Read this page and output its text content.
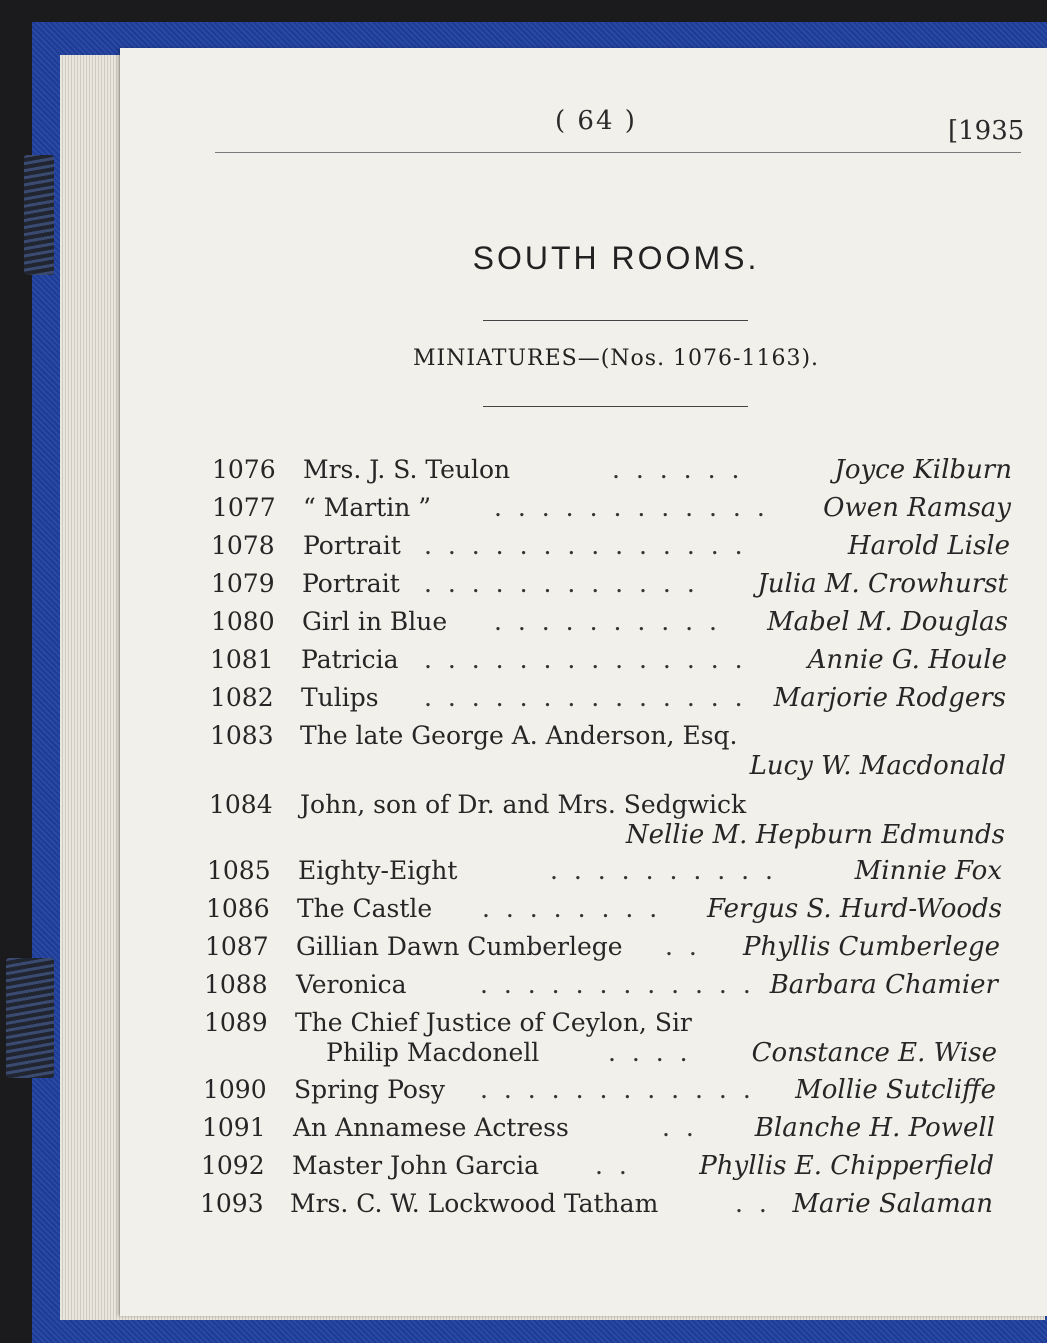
( 64 )	[1935
SOUTH ROOMS.
MINIATURES—(Nos. 1076-1163).
1076 Mrs. J. S. Teulon	. . . . . .	Joyce Kilburn
1077 “ Martin ”	. . . . . . . . . . . . Owen Ramsay
1078 Portrait . . . . . . . . . . . . . .	Harold Lisle
1079 Portrait . . . . . . . . . . . . Julia M. Crowhurst
1080 Girl in Blue . . . . . . . . . . Mabel M. Douglas
1081 Patricia . . . . . . . . . . . . . . Annie G. Houle
1082 Tulips . . . . . . . . . . . . . . Marjorie Rodgers
1083 The late George A. Anderson, Esq.
Lucy W. Macdonald
1084 John, son of Dr. and Mrs. Sedgwick
Nellie M. Hepburn Edmunds
1085 Eighty-Eight	. . . . . . . . . .	Minnie Fox
1086 The Castle . . . . . . . . Fergus S. Hurd-Woods
1087 Gillian Dawn Cumberlege . . Phyllis Cumberlege
1088 Veronica	. . . . . . . . . . . . Barbara Chamier
1089 The Chief Justice of Ceylon, Sir
Philip Macdonell	. . . . Constance E. Wise
1090 Spring Posy . . . . . . . . . . . . Mollie Sutcliffe
1091 An Annamese Actress	. . Blanche H. Powell
1092 Master John Garcia . .	Phyllis E. Chipperfield
1093 Mrs. C. W. Lockwood Tatham	. . Marie Salaman
